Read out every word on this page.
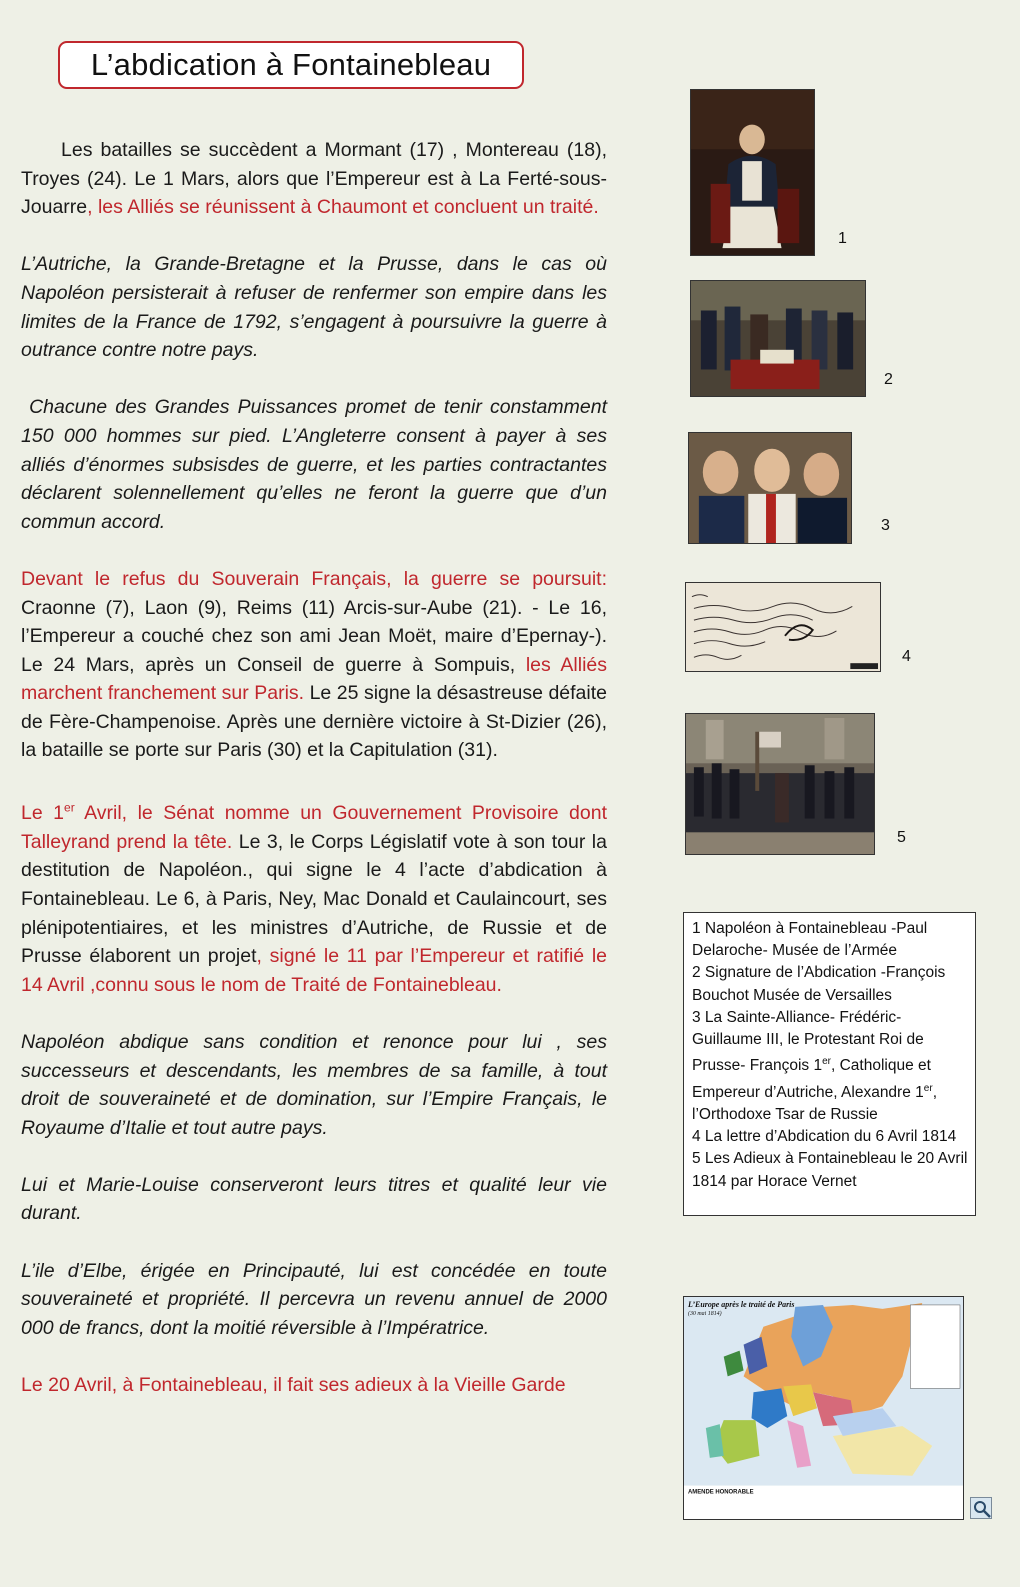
L’abdication à Fontainebleau

Les batailles se succèdent a Mormant (17) , Montereau (18), Troyes (24). Le 1 Mars, alors que l’Empereur est à La Ferté-sous-Jouarre, les Alliés se réunissent à Chaumont et concluent un traité.

L’Autriche, la Grande-Bretagne et la Prusse, dans le cas où Napoléon persisterait à refuser de renfermer son empire dans les limites de la France de 1792, s’engagent à poursuivre la guerre à outrance contre notre pays.

Chacune des Grandes Puissances promet de tenir constamment 150 000 hommes sur pied. L’Angleterre consent à payer à ses alliés d’énormes subsisdes de guerre, et les parties contractantes déclarent solennellement qu’elles ne feront la guerre que d’un commun accord.

Devant le refus du Souverain Français, la guerre se poursuit: Craonne (7), Laon (9), Reims (11) Arcis-sur-Aube (21). - Le 16, l’Empereur a couché chez son ami Jean Moët, maire d’Epernay-). Le 24 Mars, après un Conseil de guerre à Sompuis, les Alliés marchent franchement sur Paris. Le 25 signe la désastreuse défaite de Fère-Champenoise. Après une dernière victoire à St-Dizier (26), la bataille se porte sur Paris (30) et la Capitulation (31).

Le 1er Avril, le Sénat nomme un Gouvernement Provisoire dont Talleyrand prend la tête. Le 3, le Corps Législatif vote à son tour la destitution de Napoléon., qui signe le 4 l’acte d’abdication à Fontainebleau. Le 6, à Paris, Ney, Mac Donald et Caulaincourt, ses plénipotentiaires, et les ministres d’Autriche, de Russie et de Prusse élaborent un projet, signé le 11 par l’Empereur et ratifié le 14 Avril ,connu sous le nom de Traité de Fontainebleau.

Napoléon abdique sans condition et renonce pour lui , ses successeurs et descendants, les membres de sa famille, à tout droit de souveraineté et de domination, sur l’Empire Français, le Royaume d’Italie et tout autre pays.

Lui et Marie-Louise conserveront leurs titres et qualité leur vie durant.

L’ile d’Elbe, érigée en Principauté, lui est concédée en toute souveraineté et propriété. Il percevra un revenu annuel de 2000 000 de francs, dont la moitié réversible à l’Impératrice.

Le 20 Avril, à Fontainebleau, il fait ses adieux à la Vieille Garde

1
2
3
4
5
1 Napoléon à Fontainebleau -Paul Delaroche- Musée de l’Armée
2 Signature de l’Abdication -François Bouchot Musée de Versailles
3 La Sainte-Alliance- Frédéric-Guillaume III, le Protestant Roi de Prusse- François 1er, Catholique et Empereur d’Autriche, Alexandre 1er, l’Orthodoxe Tsar de Russie
4 La lettre d’Abdication du 6 Avril 1814
5 Les Adieux à Fontainebleau le 20 Avril 1814 par Horace Vernet
L’Europe après le traité de Paris
(30 mai 1814)
AMENDE HONORABLE
